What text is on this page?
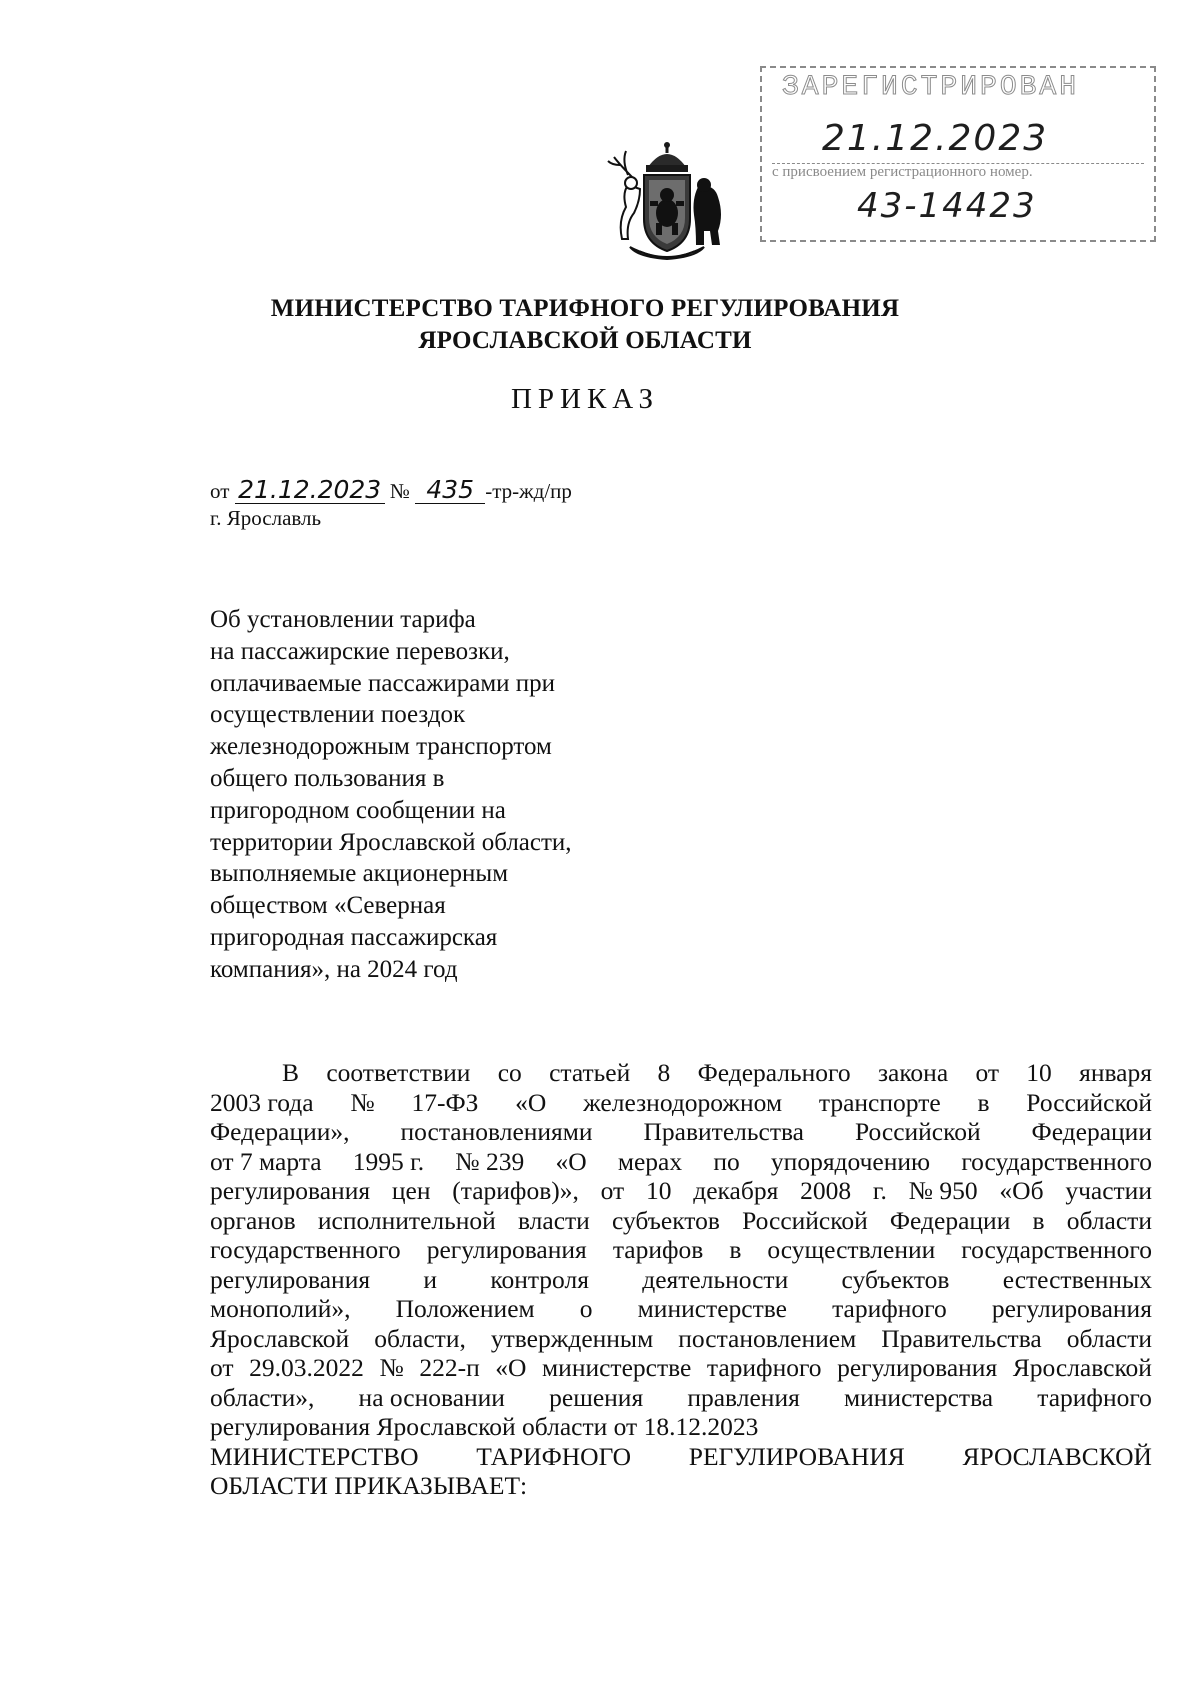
ЗАРЕГИСТРИРОВАН
21.12.2023
с присвоением регистрационного номер.
43-14423
МИНИСТЕРСТВО ТАРИФНОГО РЕГУЛИРОВАНИЯ
ЯРОСЛАВСКОЙ ОБЛАСТИ
ПРИКАЗ
от 21.12.2023 № 435 -тр-жд/пр
г. Ярославль
Об установлении тарифа
на пассажирские перевозки,
оплачиваемые пассажирами при
осуществлении поездок
железнодорожным транспортом
общего пользования в
пригородном сообщении на
территории Ярославской области,
выполняемые акционерным
обществом «Северная
пригородная пассажирская
компания», на 2024 год
В соответствии со статьей 8 Федерального закона от 10 января
2003 года № 17-ФЗ «О железнодорожном транспорте в Российской
Федерации», постановлениями Правительства Российской Федерации
от 7 марта 1995 г. № 239 «О мерах по упорядочению государственного
регулирования цен (тарифов)», от 10 декабря 2008 г. № 950 «Об участии
органов исполнительной власти субъектов Российской Федерации в области
государственного регулирования тарифов в осуществлении государственного
регулирования и контроля деятельности субъектов естественных
монополий», Положением о министерстве тарифного регулирования
Ярославской области, утвержденным постановлением Правительства области
от 29.03.2022 № 222-п «О министерстве тарифного регулирования Ярославской
области», на основании решения правления министерства тарифного
регулирования Ярославской области от 18.12.2023
МИНИСТЕРСТВО ТАРИФНОГО РЕГУЛИРОВАНИЯ ЯРОСЛАВСКОЙ
ОБЛАСТИ ПРИКАЗЫВАЕТ:
